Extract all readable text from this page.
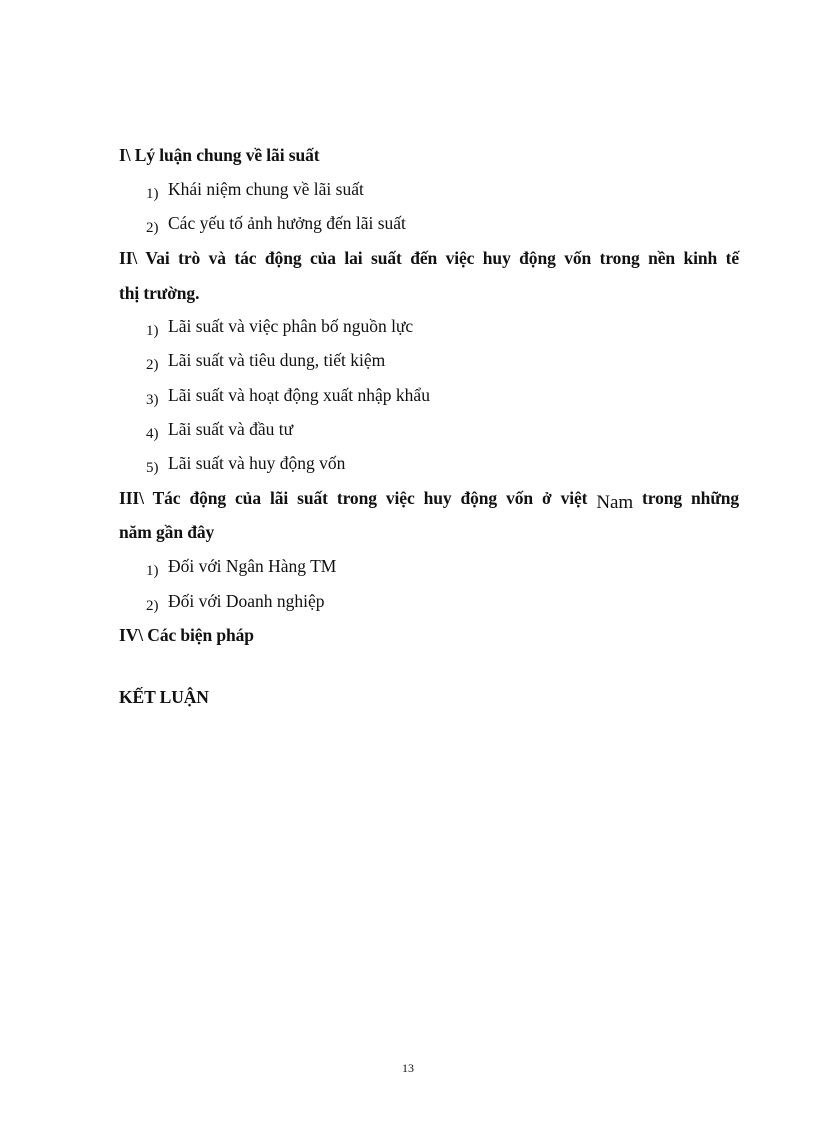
I\ Lý luận chung về lãi suất
1) Khái niệm chung về lãi suất
2) Các yếu tố ảnh hưởng đến lãi suất
II\ Vai trò và tác động của lai suất đến việc huy động vốn trong nền kinh tế
thị trường.
1) Lãi suất và việc phân bố nguồn lực
2) Lãi suất và tiêu dung, tiết kiệm
3) Lãi suất và hoạt động xuất nhập khẩu
4) Lãi suất và đầu tư
5) Lãi suất và huy động vốn
III\ Tác động của lãi suất trong việc huy động vốn ở việt Nam trong những
năm gần đây
1) Đối với Ngân Hàng TM
2) Đối với Doanh nghiệp
IV\ Các biện pháp
KẾT LUẬN
13
